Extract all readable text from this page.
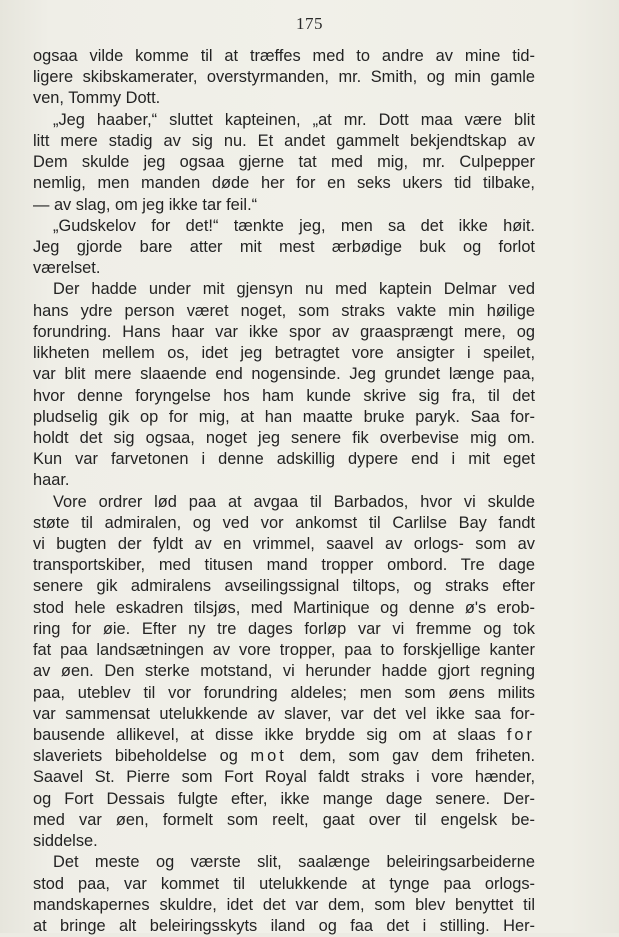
175
ogsaa vilde komme til at træffes med to andre av mine tid-
ligere skibskamerater, overstyrmanden, mr. Smith, og min gamle
ven, Tommy Dott.
„Jeg haaber,“ sluttet kapteinen, „at mr. Dott maa være blit
litt mere stadig av sig nu. Et andet gammelt bekjendtskap av
Dem skulde jeg ogsaa gjerne tat med mig, mr. Culpepper
nemlig, men manden døde her for en seks ukers tid tilbake,
— av slag, om jeg ikke tar feil.“
„Gudskelov for det!“ tænkte jeg, men sa det ikke høit.
Jeg gjorde bare atter mit mest ærbødige buk og forlot
værelset.
Der hadde under mit gjensyn nu med kaptein Delmar ved
hans ydre person været noget, som straks vakte min høiligе
forundring. Hans haar var ikke spor av graasprængt mere, og
likheten mellem os, idet jeg betragtet vore ansigter i speilet,
var blit mere slaaende end nogensinde. Jeg grundet længe paa,
hvor denne foryngelse hos ham kunde skrive sig fra, til det
pludselig gik op for mig, at han maatte bruke paryk. Saa for-
holdt det sig ogsaa, noget jeg senere fik overbevise mig om.
Kun var farvetonen i denne adskillig dypere end i mit eget
haar.
Vore ordrer lød paa at avgaa til Barbados, hvor vi skulde
støte til admiralen, og ved vor ankomst til Carlilse Bay fandt
vi bugten der fyldt av en vrimmel, saavel av orlogs- som av
transportskiber, med titusen mand tropper ombord. Tre dage
senere gik admiralens avseilingssignal tiltops, og straks efter
stod hele eskadren tilsjøs, med Martinique og denne ø's erob-
ring for øie. Efter ny tre dages forløp var vi fremme og tok
fat paa landsætningen av vore tropper, paa to forskjellige kanter
av øen. Den sterke motstand, vi herunder hadde gjort regning
paa, uteblev til vor forundring aldeles; men som øens milits
var sammensat utelukkende av slaver, var det vel ikke saa for-
bausende allikevel, at disse ikke brydde sig om at slaas for
slaveriets bibeholdelse og mot dem, som gav dem friheten.
Saavel St. Pierre som Fort Royal faldt straks i vore hænder,
og Fort Dessais fulgte efter, ikke mange dage senere. Der-
med var øen, formelt som reelt, gaat over til engelsk be-
siddelse.
Det meste og værste slit, saalænge beleiringsarbeiderne
stod paa, var kommet til utelukkende at tynge paa orlogs-
mandskapernes skuldre, idet det var dem, som blev benyttet til
at bringe alt beleiringsskyts iland og faa det i stilling. Her-
